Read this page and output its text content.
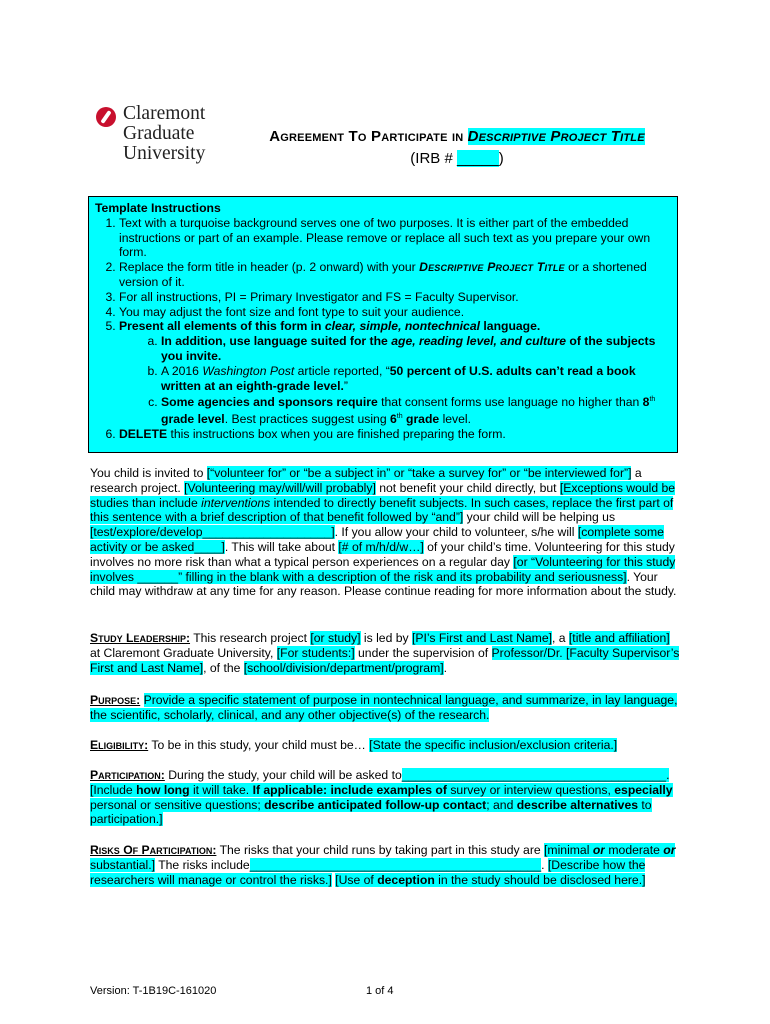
Claremont
Graduate
University
Agreement To Participate in Descriptive Project Title (IRB # _____)
Template Instructions
1. Text with a turquoise background serves one of two purposes. It is either part of the embedded instructions or part of an example. Please remove or replace all such text as you prepare your own form.
2. Replace the form title in header (p. 2 onward) with your Descriptive Project Title or a shortened version of it.
3. For all instructions, PI = Primary Investigator and FS = Faculty Supervisor.
4. You may adjust the font size and font type to suit your audience.
5. Present all elements of this form in clear, simple, nontechnical language.
a. In addition, use language suited for the age, reading level, and culture of the subjects you invite.
b. A 2016 Washington Post article reported, “50 percent of U.S. adults can’t read a book written at an eighth-grade level.”
c. Some agencies and sponsors require that consent forms use language no higher than 8th grade level. Best practices suggest using 6th grade level.
6. DELETE this instructions box when you are finished preparing the form.
You child is invited to [“volunteer for” or “be a subject in” or “take a survey for” or “be interviewed for”] a research project. [Volunteering may/will/will probably] not benefit your child directly, but [Exceptions would be studies than include interventions intended to directly benefit subjects. In such cases, replace the first part of this sentence with a brief description of that benefit followed by “and”] your child will be helping us [test/explore/develop___________________]. If you allow your child to volunteer, s/he will [complete some activity or be asked____]. This will take about [# of m/h/d/w…] of your child’s time. Volunteering for this study involves no more risk than what a typical person experiences on a regular day [or “Volunteering for this study involves ______” filling in the blank with a description of the risk and its probability and seriousness]. Your child may withdraw at any time for any reason. Please continue reading for more information about the study.
Study Leadership: This research project [or study] is led by [PI’s First and Last Name], a [title and affiliation] at Claremont Graduate University, [For students:] under the supervision of Professor/Dr. [Faculty Supervisor’s First and Last Name], of the [school/division/department/program].
Purpose: Provide a specific statement of purpose in nontechnical language, and summarize, in lay language, the scientific, scholarly, clinical, and any other objective(s) of the research.
Eligibility: To be in this study, your child must be… [State the specific inclusion/exclusion criteria.]
Participation: During the study, your child will be asked to_______________________________________. [Include how long it will take. If applicable: include examples of survey or interview questions, especially personal or sensitive questions; describe anticipated follow-up contact; and describe alternatives to participation.]
Risks Of Participation: The risks that your child runs by taking part in this study are [minimal or moderate or substantial.] The risks include___________________________________________. [Describe how the researchers will manage or control the risks.] [Use of deception in the study should be disclosed here.]
Version: T-1B19C-161020	1 of 4
